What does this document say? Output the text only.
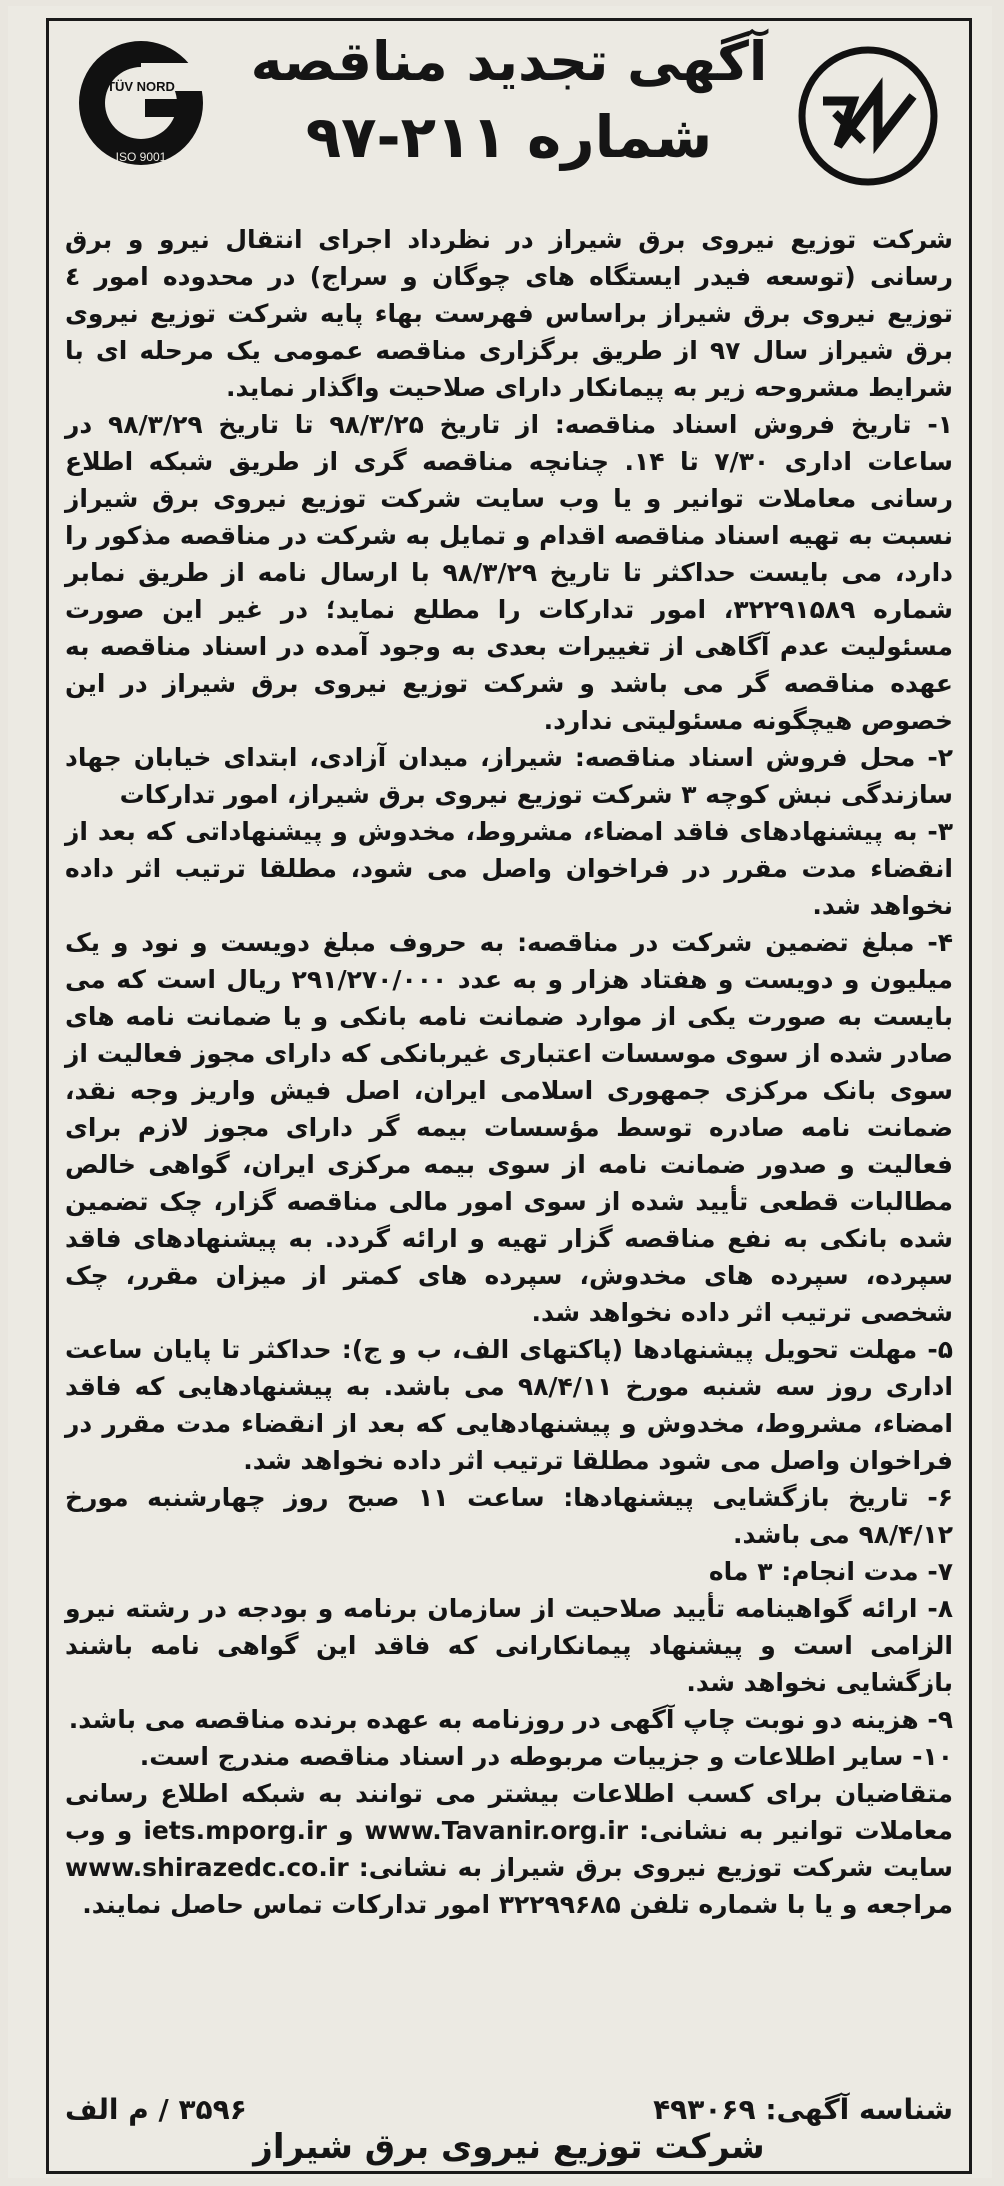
TÜV NORD
ISO 9001
آگهی تجدید مناقصه
شماره ۲۱۱-۹۷

شرکت توزیع نیروی برق شیراز در نظرداد اجرای انتقال نیرو و برق رسانی (توسعه فیدر ایستگاه های چوگان و سراج) در محدوده امور ٤ توزیع نیروی برق شیراز براساس فهرست بهاء پایه شرکت توزیع نیروی برق شیراز سال ۹۷ از طریق برگزاری مناقصه عمومی یک مرحله ای با شرایط مشروحه زیر به پیمانکار دارای صلاحیت واگذار نماید.

۱- تاریخ فروش اسناد مناقصه: از تاریخ ۹۸/۳/۲۵ تا تاریخ ۹۸/۳/۲۹ در ساعات اداری ۷/۳۰ تا ۱۴. چنانچه مناقصه گری از طریق شبکه اطلاع رسانی معاملات توانیر و یا وب سایت شرکت توزیع نیروی برق شیراز نسبت به تهیه اسناد مناقصه اقدام و تمایل به شرکت در مناقصه مذکور را دارد، می بایست حداکثر تا تاریخ ۹۸/۳/۲۹ با ارسال نامه از طریق نمابر شماره ۳۲۲۹۱۵۸۹، امور تدارکات را مطلع نماید؛ در غیر این صورت مسئولیت عدم آگاهی از تغییرات بعدی به وجود آمده در اسناد مناقصه به عهده مناقصه گر می باشد و شرکت توزیع نیروی برق شیراز در این خصوص هیچگونه مسئولیتی ندارد.

۲- محل فروش اسناد مناقصه: شیراز، میدان آزادی، ابتدای خیابان جهاد سازندگی نبش کوچه ۳ شرکت توزیع نیروی برق شیراز، امور تدارکات

۳- به پیشنهادهای فاقد امضاء، مشروط، مخدوش و پیشنهاداتی که بعد از انقضاء مدت مقرر در فراخوان واصل می شود، مطلقا ترتیب اثر داده نخواهد شد.

۴- مبلغ تضمین شرکت در مناقصه: به حروف مبلغ دویست و نود و یک میلیون و دویست و هفتاد هزار و به عدد ۲۹۱/۲۷۰/۰۰۰ ریال است که می بایست به صورت یکی از موارد ضمانت نامه بانکی و یا ضمانت نامه های صادر شده از سوی موسسات اعتباری غیربانکی که دارای مجوز فعالیت از سوی بانک مرکزی جمهوری اسلامی ایران، اصل فیش واریز وجه نقد، ضمانت نامه صادره توسط مؤسسات بیمه گر دارای مجوز لازم برای فعالیت و صدور ضمانت نامه از سوی بیمه مرکزی ایران، گواهی خالص مطالبات قطعی تأیید شده از سوی امور مالی مناقصه گزار، چک تضمین شده بانکی به نفع مناقصه گزار تهیه و ارائه گردد. به پیشنهادهای فاقد سپرده، سپرده های مخدوش، سپرده های کمتر از میزان مقرر، چک شخصی ترتیب اثر داده نخواهد شد.

۵- مهلت تحویل پیشنهادها (پاکتهای الف، ب و ج): حداکثر تا پایان ساعت اداری روز سه شنبه مورخ ۹۸/۴/۱۱ می باشد. به پیشنهادهایی که فاقد امضاء، مشروط، مخدوش و پیشنهادهایی که بعد از انقضاء مدت مقرر در فراخوان واصل می شود مطلقا ترتیب اثر داده نخواهد شد.

۶- تاریخ بازگشایی پیشنهادها: ساعت ۱۱ صبح روز چهارشنبه مورخ ۹۸/۴/۱۲ می باشد.

۷- مدت انجام: ۳ ماه

۸- ارائه گواهینامه تأیید صلاحیت از سازمان برنامه و بودجه در رشته نیرو الزامی است و پیشنهاد پیمانکارانی که فاقد این گواهی نامه باشند بازگشایی نخواهد شد.

۹- هزینه دو نوبت چاپ آگهی در روزنامه به عهده برنده مناقصه می باشد.

۱۰- سایر اطلاعات و جزییات مربوطه در اسناد مناقصه مندرج است.

متقاضیان برای کسب اطلاعات بیشتر می توانند به شبکه اطلاع رسانی معاملات توانیر به نشانی: www.Tavanir.org.ir و iets.mporg.ir و وب سایت شرکت توزیع نیروی برق شیراز به نشانی: www.shirazedc.co.ir مراجعه و یا با شماره تلفن ۳۲۲۹۹۶۸۵ امور تدارکات تماس حاصل نمایند.

شناسه آگهی: ۴۹۳۰۶۹
۳۵۹۶ / م الف
شرکت توزیع نیروی برق شیراز
